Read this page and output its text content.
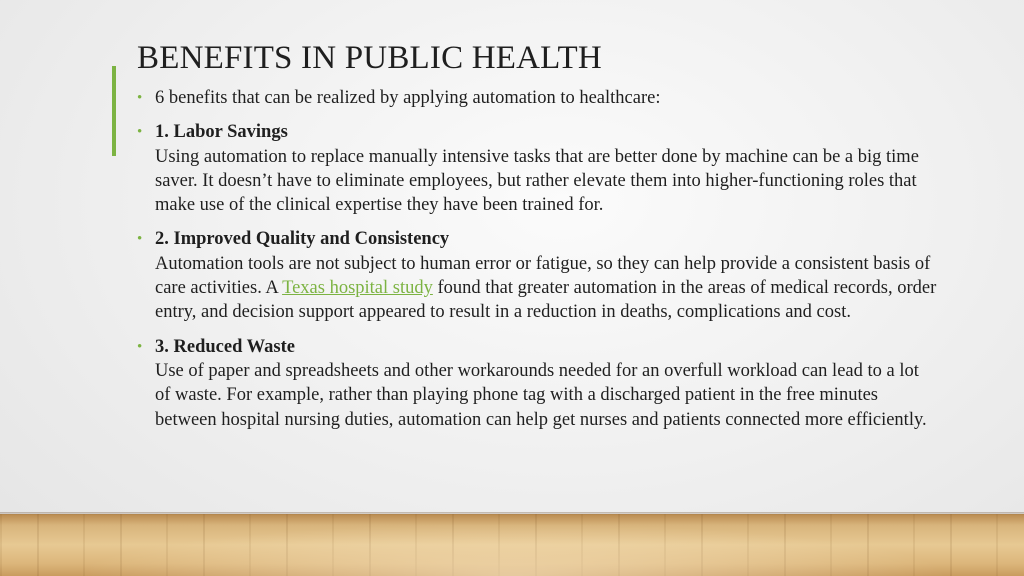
BENEFITS IN PUBLIC HEALTH
• 6 benefits that can be realized by applying automation to healthcare:
• 1. Labor Savings
Using automation to replace manually intensive tasks that are better done by machine can be a big time saver. It doesn’t have to eliminate employees, but rather elevate them into higher-functioning roles that make use of the clinical expertise they have been trained for.
• 2. Improved Quality and Consistency
Automation tools are not subject to human error or fatigue, so they can help provide a consistent basis of care activities. A Texas hospital study found that greater automation in the areas of medical records, order entry, and decision support appeared to result in a reduction in deaths, complications and cost.
• 3. Reduced Waste
Use of paper and spreadsheets and other workarounds needed for an overfull workload can lead to a lot of waste. For example, rather than playing phone tag with a discharged patient in the free minutes between hospital nursing duties, automation can help get nurses and patients connected more efficiently.
